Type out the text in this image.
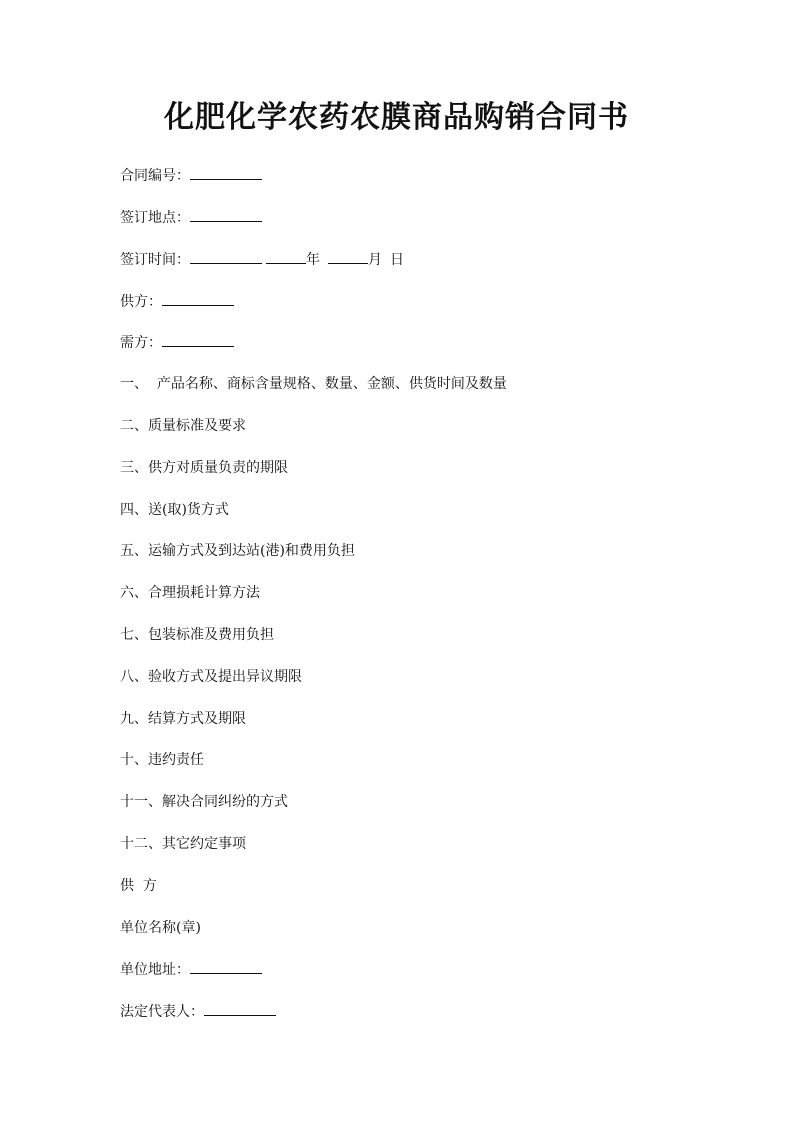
化肥化学农药农膜商品购销合同书
合同编号：
签订地点：
签订时间：	年	月 日
供方：
需方：
一、  产品名称、商标含量规格、数量、金额、供货时间及数量
二、质量标准及要求
三、供方对质量负责的期限
四、送(取)货方式
五、运输方式及到达站(港)和费用负担
六、合理损耗计算方法
七、包装标准及费用负担
八、验收方式及提出异议期限
九、结算方式及期限
十、违约责任
十一、解决合同纠纷的方式
十二、其它约定事项
供  方
单位名称(章)
单位地址：
法定代表人：
